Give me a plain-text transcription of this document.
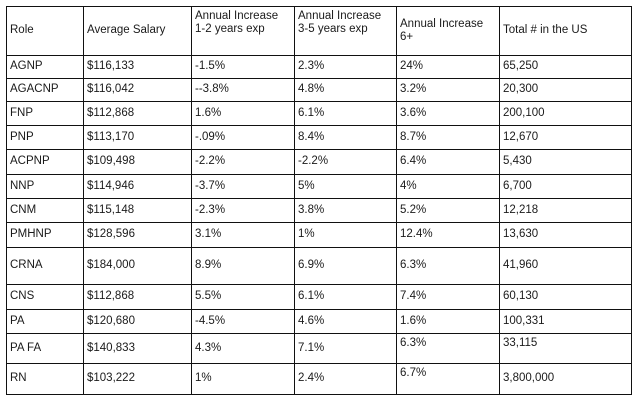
Role	Average Salary	Annual Increase 1-2 years exp	Annual Increase 3-5 years exp	Annual Increase 6+	Total # in the US
AGNP	$116,133	-1.5%	2.3%	24%	65,250
AGACNP	$116,042	--3.8%	4.8%	3.2%	20,300
FNP	$112,868	1.6%	6.1%	3.6%	200,100
PNP	$113,170	-.09%	8.4%	8.7%	12,670
ACPNP	$109,498	-2.2%	-2.2%	6.4%	5,430
NNP	$114,946	-3.7%	5%	4%	6,700
CNM	$115,148	-2.3%	3.8%	5.2%	12,218
PMHNP	$128,596	3.1%	1%	12.4%	13,630
CRNA	$184,000	8.9%	6.9%	6.3%	41,960
CNS	$112,868	5.5%	6.1%	7.4%	60,130
PA	$120,680	-4.5%	4.6%	1.6%	100,331
PA FA	$140,833	4.3%	7.1%	6.3%	33,115
RN	$103,222	1%	2.4%	6.7%	3,800,000
